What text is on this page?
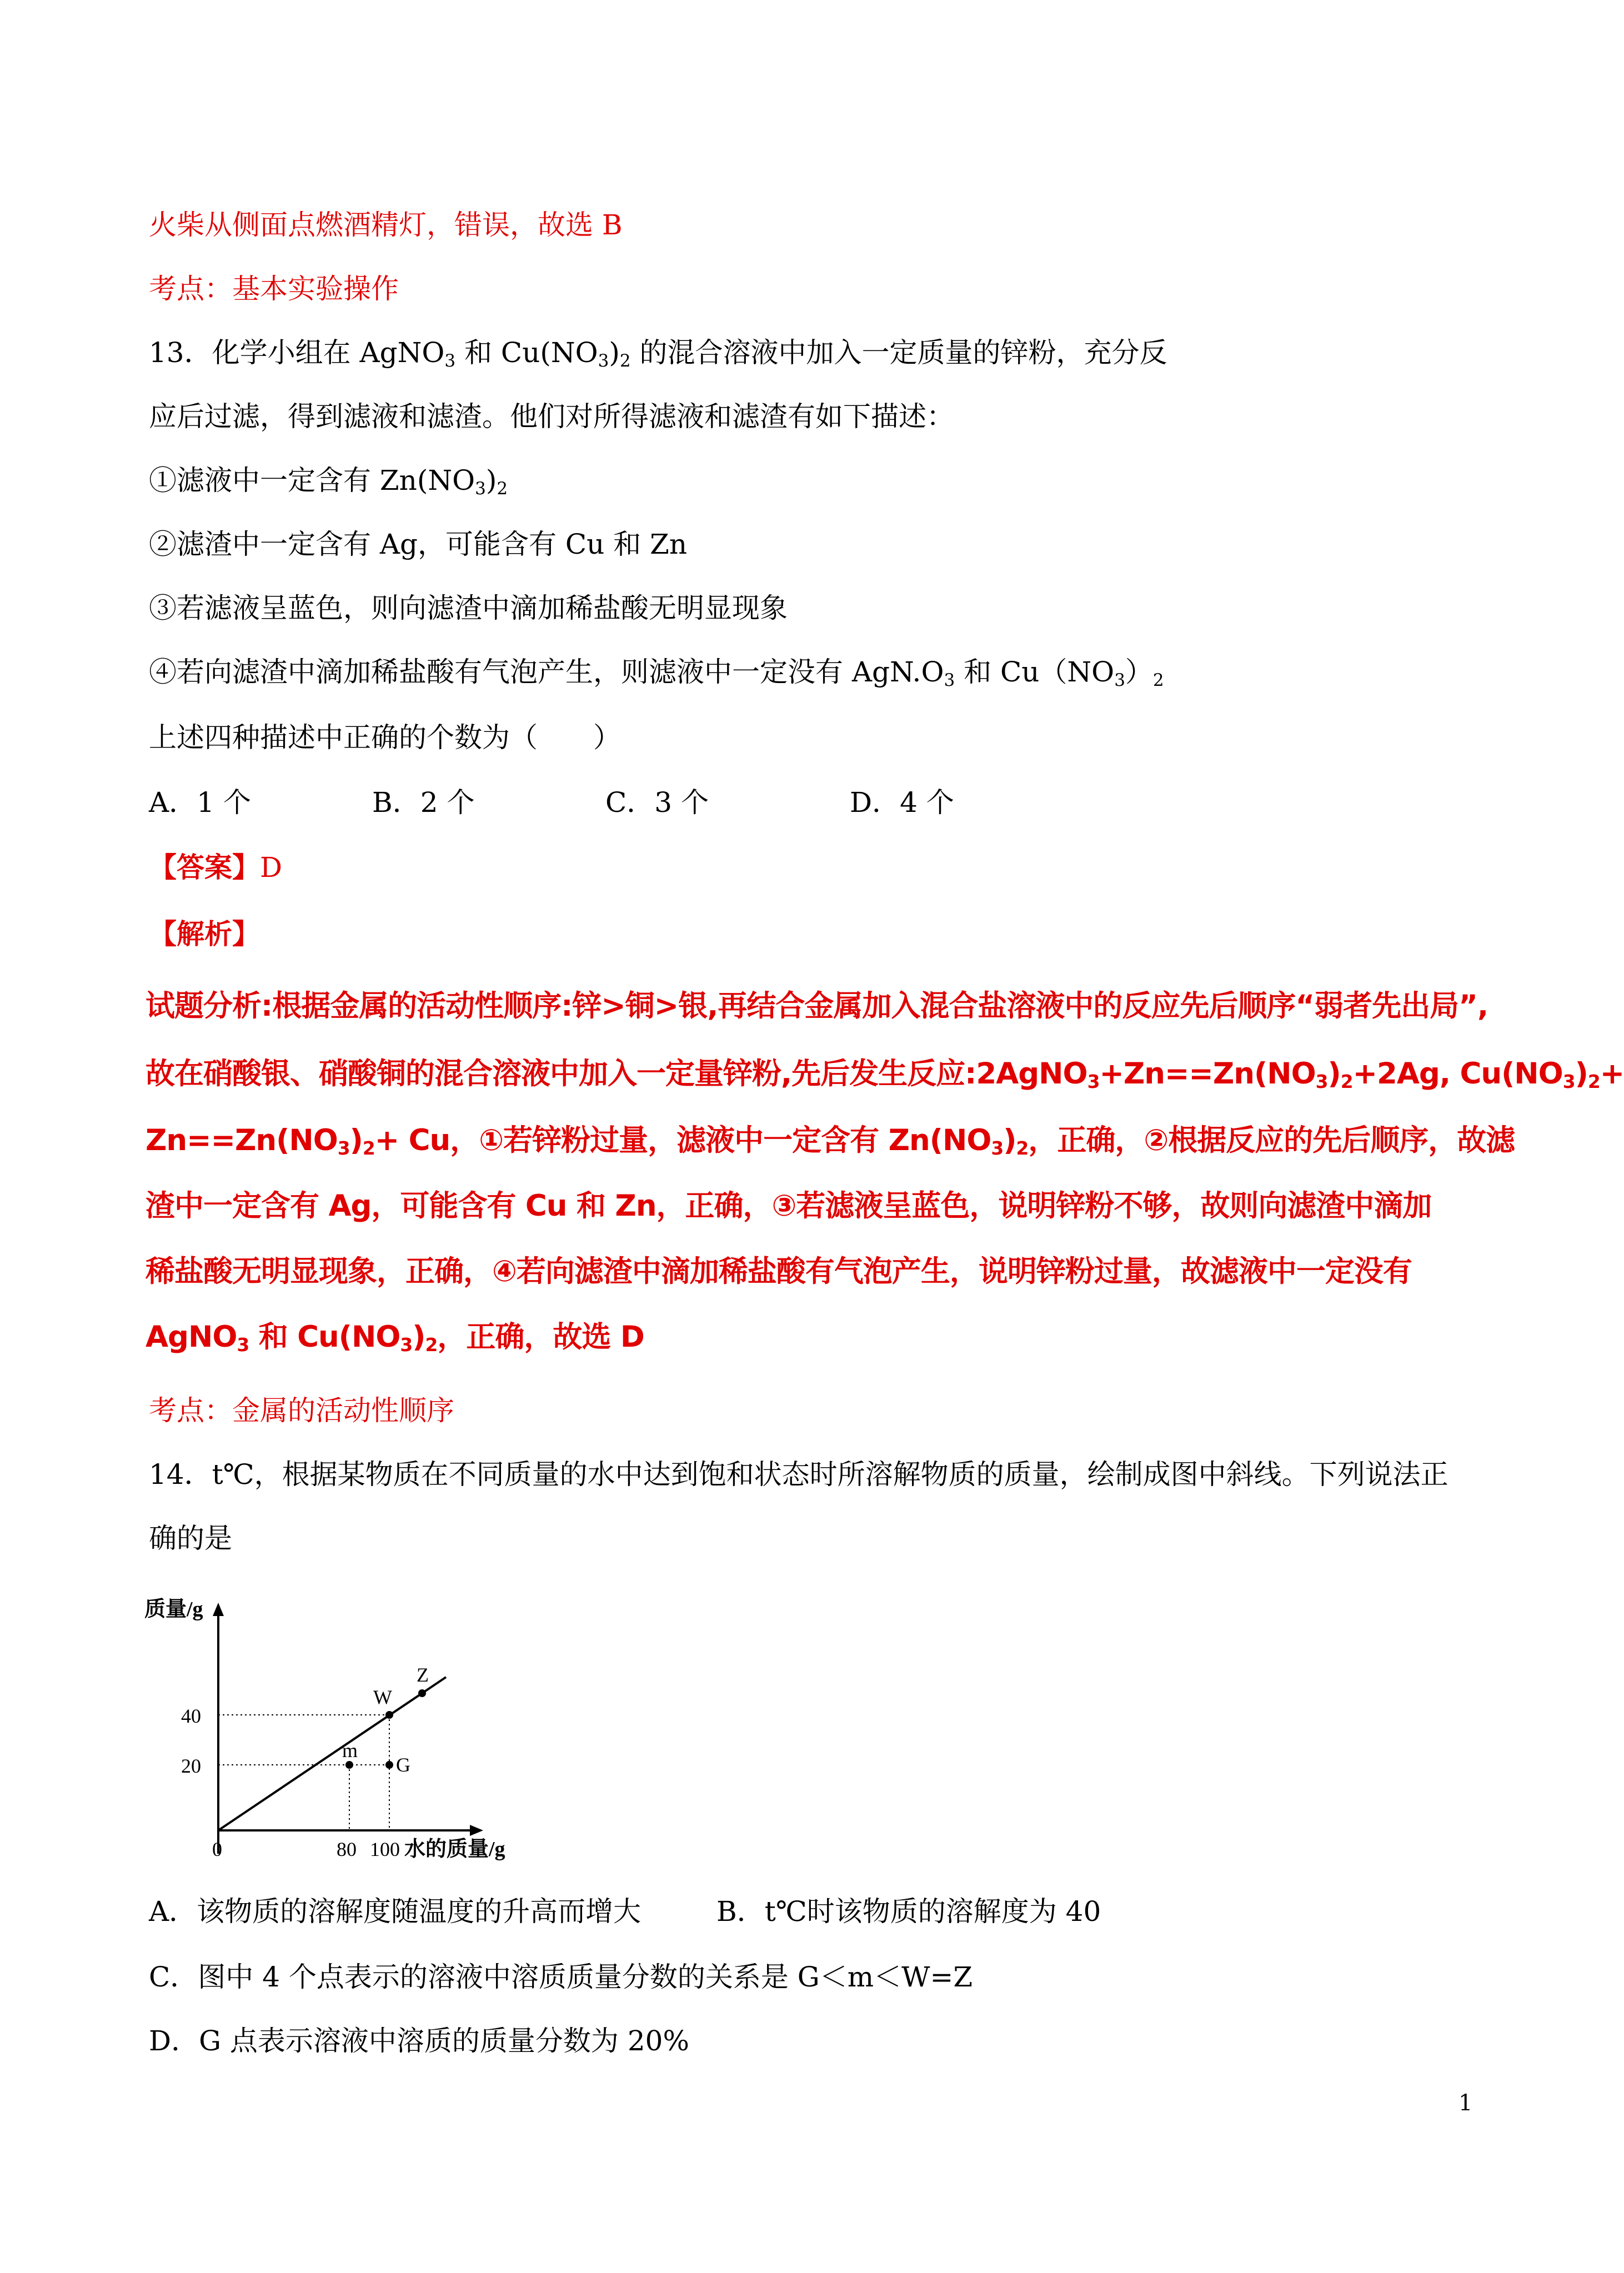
火柴从侧面点燃酒精灯，错误，故选 B
考点：基本实验操作
13．化学小组在 AgNO$_3$ 和 $Cu(NO_3)_2$ 的混合溶液中加入一定质量的锌粉，充分反
应后过滤，得到滤液和滤渣。他们对所得滤液和滤渣有如下描述：
①滤液中一定含有 $Zn(NO_3)_2$
②滤渣中一定含有 Ag，可能含有 Cu 和 Zn
③若滤液呈蓝色，则向滤渣中滴加稀盐酸无明显现象
④若向滤渣中滴加稀盐酸有气泡产生，则滤液中一定没有 $AgN.O_3$ 和 $Cu(NO_3)_2$
上述四种描述中正确的个数为（　　）
A．1 个	B．2 个	C．3 个	D．4 个
【答案】D
【解析】
试题分析:根据金属的活动性顺序:锌>铜>银,再结合金属加入混合盐溶液中的反应先后顺序“弱者先出局”,
故在硝酸银、硝酸铜的混合溶液中加入一定量锌粉,先后发生反应$:2AgNO_3+Zn==Zn(NO_3)_2+2Ag$, $Cu(NO_3)_2+$
$Zn==Zn(NO_3)_2+ Cu$，①若锌粉过量，滤液中一定含有 $Zn(NO_3)_2$，正确，②根据反应的先后顺序，故滤
渣中一定含有 Ag，可能含有 Cu 和 Zn，正确，③若滤液呈蓝色，说明锌粉不够，故则向滤渣中滴加
稀盐酸无明显现象，正确，④若向滤渣中滴加稀盐酸有气泡产生，说明锌粉过量，故滤液中一定没有
AgNO$_3$ 和 $Cu(NO_3)_2$，正确，故选 D
考点：金属的活动性顺序
14．t℃，根据某物质在不同质量的水中达到饱和状态时所溶解物质的质量，绘制成图中斜线。下列说法正
确的是
质量/g
40
20
0	80 100 水的质量/g
W
Z
m
G
A．该物质的溶解度随温度的升高而增大	B．t℃时该物质的溶解度为 40
C．图中 4 个点表示的溶液中溶质质量分数的关系是 G＜m＜W=Z
D．G 点表示溶液中溶质的质量分数为 20%
1
